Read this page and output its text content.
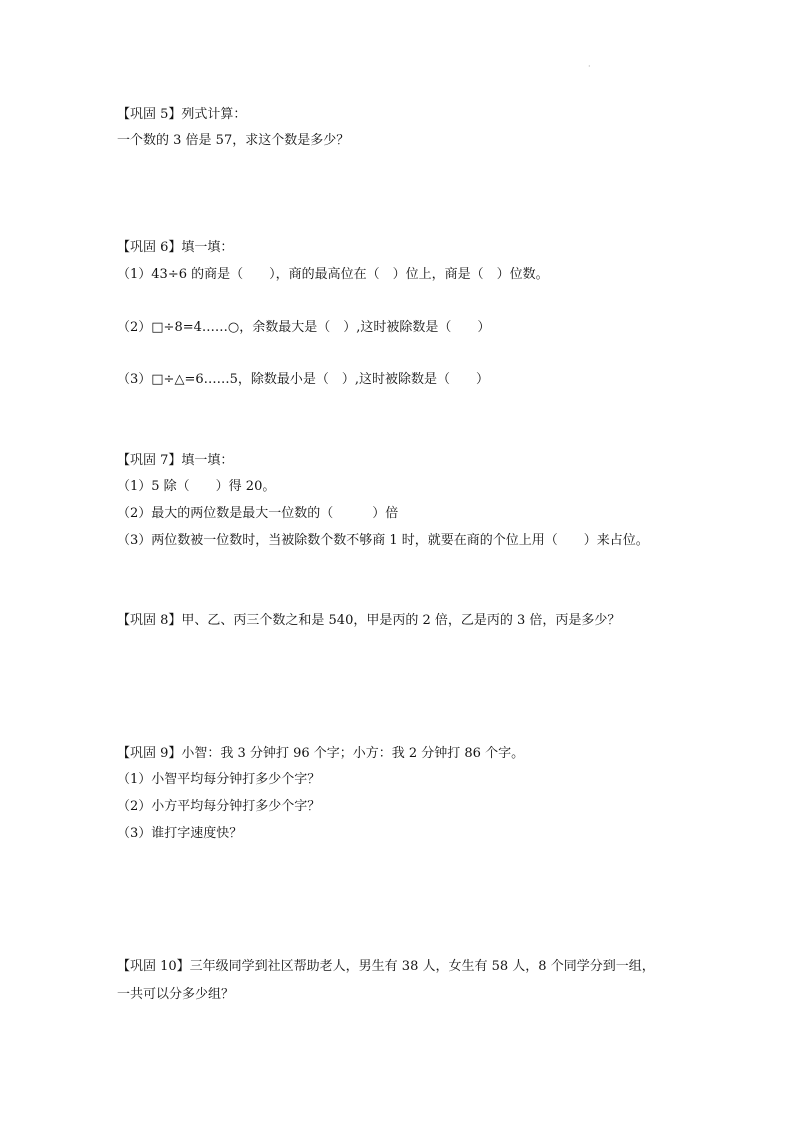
·
【巩固 5】列式计算：
一个数的 3 倍是 57，求这个数是多少？
【巩固 6】填一填：
（1）43÷6 的商是（　　），商的最高位在（　）位上，商是（　）位数。
（2）□÷8=4……○，余数最大是（　）,这时被除数是（　　）
（3）□÷△=6……5，除数最小是（　）,这时被除数是（　　）
【巩固 7】填一填：
（1）5 除（　　）得 20。
（2）最大的两位数是最大一位数的（　　　）倍
（3）两位数被一位数时，当被除数个数不够商 1 时，就要在商的个位上用（　　）来占位。
【巩固 8】甲、乙、丙三个数之和是 540，甲是丙的 2 倍，乙是丙的 3 倍，丙是多少？
【巩固 9】小智：我 3 分钟打 96 个字；小方：我 2 分钟打 86 个字。
（1）小智平均每分钟打多少个字？
（2）小方平均每分钟打多少个字？
（3）谁打字速度快？
【巩固 10】三年级同学到社区帮助老人，男生有 38 人，女生有 58 人，8 个同学分到一组，
一共可以分多少组？
